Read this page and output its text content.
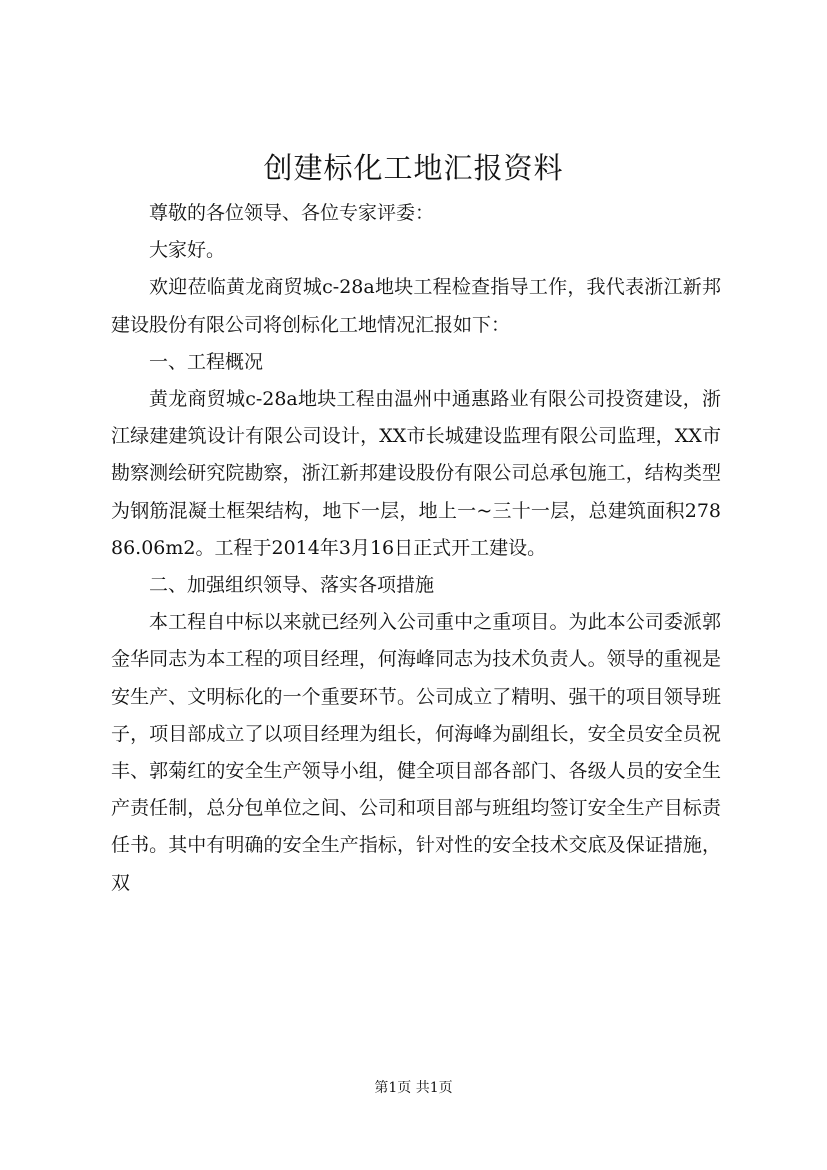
创建标化工地汇报资料

尊敬的各位领导、各位专家评委：

大家好。

欢迎莅临黄龙商贸城c-28a地块工程检查指导工作，我代表浙江新邦建设股份有限公司将创标化工地情况汇报如下：

一、工程概况

黄龙商贸城c-28a地块工程由温州中通惠路业有限公司投资建设，浙江绿建建筑设计有限公司设计，XX市长城建设监理有限公司监理，XX市勘察测绘研究院勘察，浙江新邦建设股份有限公司总承包施工，结构类型为钢筋混凝土框架结构，地下一层，地上一~三十一层，总建筑面积27886.06m2。工程于2014年3月16日正式开工建设。

二、加强组织领导、落实各项措施

本工程自中标以来就已经列入公司重中之重项目。为此本公司委派郭金华同志为本工程的项目经理，何海峰同志为技术负责人。领导的重视是安生产、文明标化的一个重要环节。公司成立了精明、强干的项目领导班子，项目部成立了以项目经理为组长，何海峰为副组长，安全员安全员祝丰、郭菊红的安全生产领导小组，健全项目部各部门、各级人员的安全生产责任制，总分包单位之间、公司和项目部与班组均签订安全生产目标责任书。其中有明确的安全生产指标，针对性的安全技术交底及保证措施，双

第1页 共1页
